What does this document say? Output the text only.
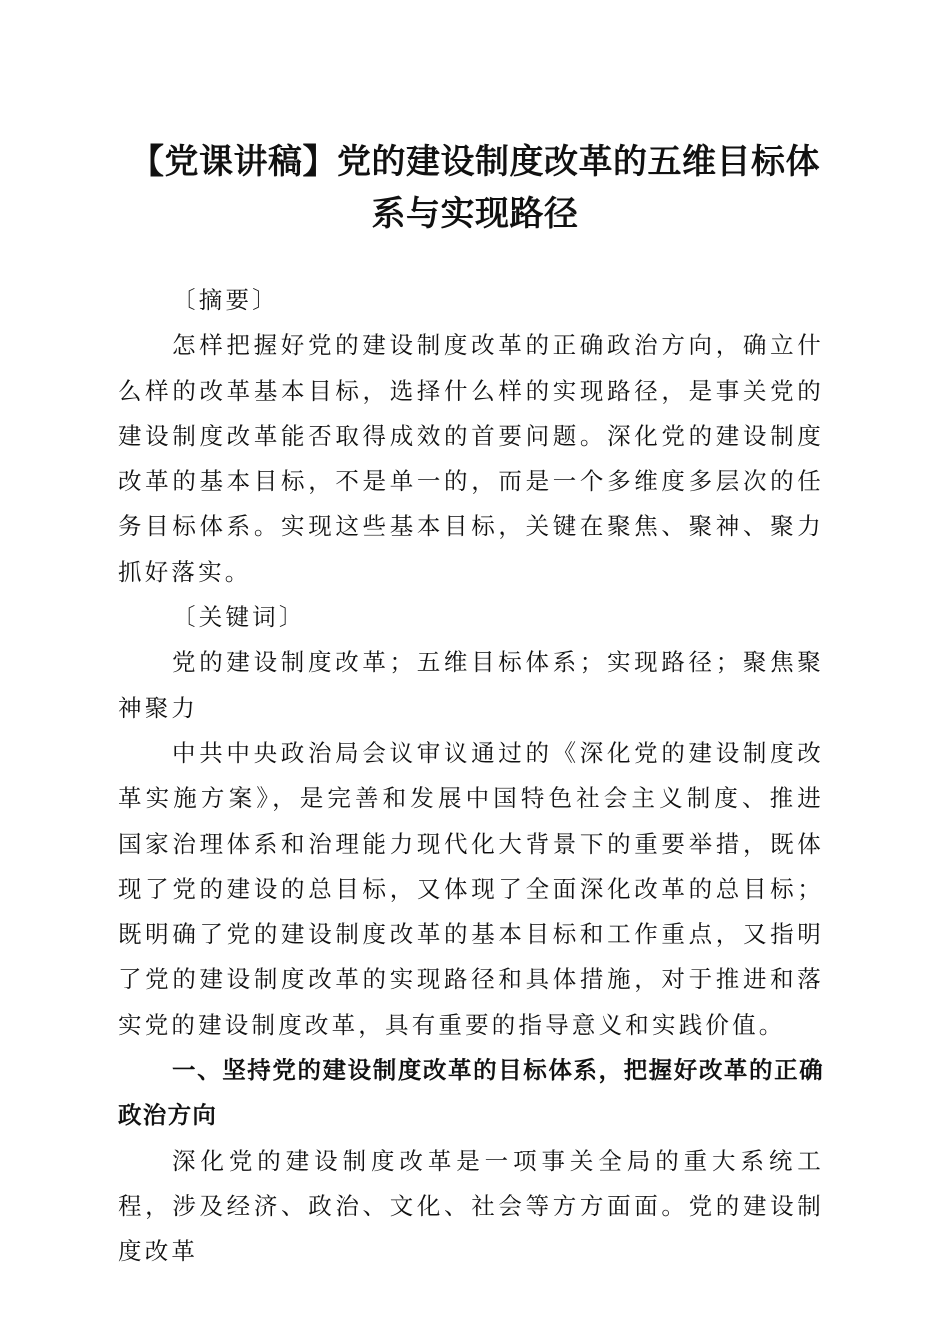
【党课讲稿】党的建设制度改革的五维目标体系与实现路径

〔摘要〕

怎样把握好党的建设制度改革的正确政治方向，确立什么样的改革基本目标，选择什么样的实现路径，是事关党的建设制度改革能否取得成效的首要问题。深化党的建设制度改革的基本目标，不是单一的，而是一个多维度多层次的任务目标体系。实现这些基本目标，关键在聚焦、聚神、聚力抓好落实。

〔关键词〕

党的建设制度改革；五维目标体系；实现路径；聚焦聚神聚力

中共中央政治局会议审议通过的《深化党的建设制度改革实施方案》，是完善和发展中国特色社会主义制度、推进国家治理体系和治理能力现代化大背景下的重要举措，既体现了党的建设的总目标，又体现了全面深化改革的总目标；既明确了党的建设制度改革的基本目标和工作重点，又指明了党的建设制度改革的实现路径和具体措施，对于推进和落实党的建设制度改革，具有重要的指导意义和实践价值。

一、坚持党的建设制度改革的目标体系，把握好改革的正确政治方向

深化党的建设制度改革是一项事关全局的重大系统工程，涉及经济、政治、文化、社会等方方面面。党的建设制度改革
